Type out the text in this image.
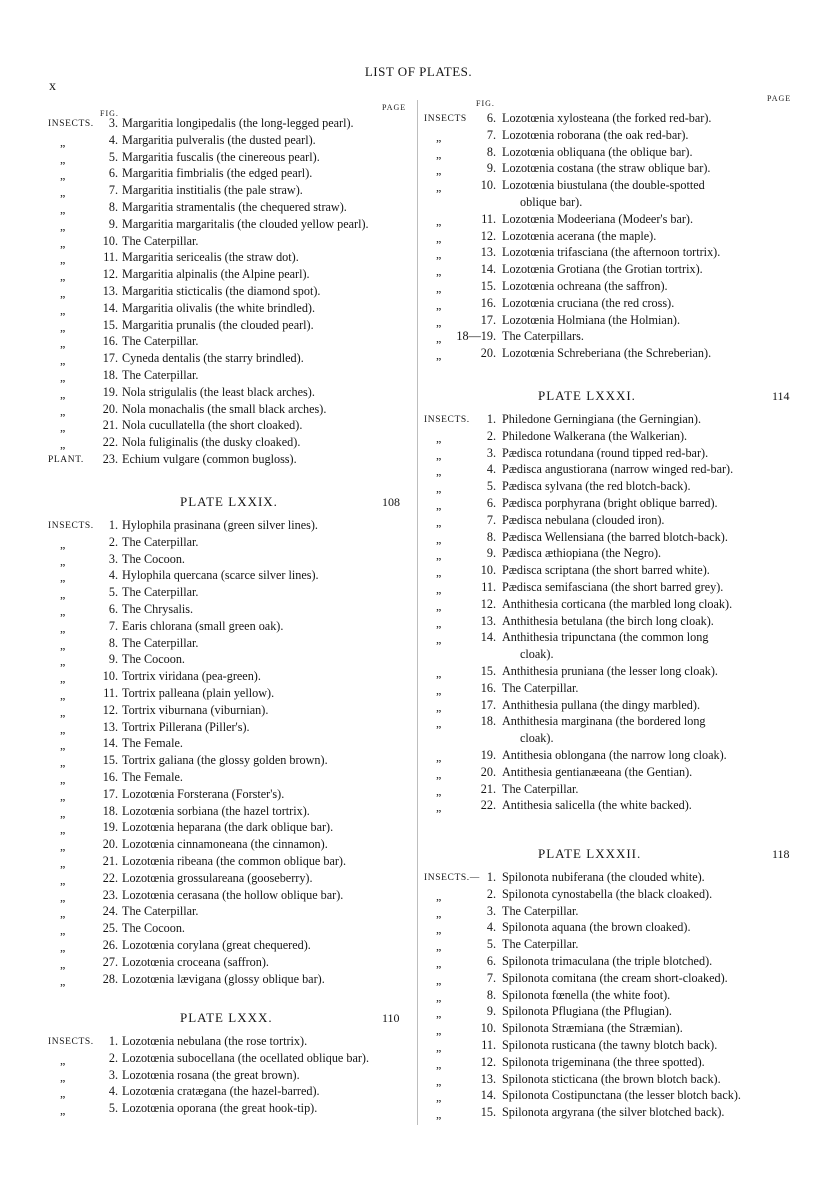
x
LIST OF PLATES.
FIG.
PAGE
INSECTS.	3. Margaritia longipedalis (the long-legged pearl).
„	4. Margaritia pulveralis (the dusted pearl).
„	5. Margaritia fuscalis (the cinereous pearl).
„	6. Margaritia fimbrialis (the edged pearl).
„	7. Margaritia institialis (the pale straw).
„	8. Margaritia stramentalis (the chequered straw).
„	9. Margaritia margaritalis (the clouded yellow pearl).
„	10. The Caterpillar.
„	11. Margaritia sericealis (the straw dot).
„	12. Margaritia alpinalis (the Alpine pearl).
„	13. Margaritia sticticalis (the diamond spot).
„	14. Margaritia olivalis (the white brindled).
„	15. Margaritia prunalis (the clouded pearl).
„	16. The Caterpillar.
„	17. Cyneda dentalis (the starry brindled).
„	18. The Caterpillar.
„	19. Nola strigulalis (the least black arches).
„	20. Nola monachalis (the small black arches).
„	21. Nola cucullatella (the short cloaked).
„	22. Nola fuliginalis (the dusky cloaked).
PLANT.	23. Echium vulgare (common bugloss).
PLATE LXXIX.	108
INSECTS.	1. Hylophila prasinana (green silver lines).
„	2. The Caterpillar.
„	3. The Cocoon.
„	4. Hylophila quercana (scarce silver lines).
„	5. The Caterpillar.
„	6. The Chrysalis.
„	7. Earis chlorana (small green oak).
„	8. The Caterpillar.
„	9. The Cocoon.
„	10. Tortrix viridana (pea-green).
„	11. Tortrix palleana (plain yellow).
„	12. Tortrix viburnana (viburnian).
„	13. Tortrix Pillerana (Piller's).
„	14. The Female.
„	15. Tortrix galiana (the glossy golden brown).
„	16. The Female.
„	17. Lozotœnia Forsterana (Forster's).
„	18. Lozotœnia sorbiana (the hazel tortrix).
„	19. Lozotœnia heparana (the dark oblique bar).
„	20. Lozotœnia cinnamoneana (the cinnamon).
„	21. Lozotœnia ribeana (the common oblique bar).
„	22. Lozotœnia grossulareana (gooseberry).
„	23. Lozotœnia cerasana (the hollow oblique bar).
„	24. The Caterpillar.
„	25. The Cocoon.
„	26. Lozotœnia corylana (great chequered).
„	27. Lozotœnia croceana (saffron).
„	28. Lozotœnia lævigana (glossy oblique bar).
PLATE LXXX.	110
INSECTS.	1. Lozotœnia nebulana (the rose tortrix).
„	2. Lozotœnia subocellana (the ocellated oblique bar).
„	3. Lozotœnia rosana (the great brown).
„	4. Lozotœnia cratægana (the hazel-barred).
„	5. Lozotœnia oporana (the great hook-tip).
FIG.
PAGE
INSECTS	6. Lozotœnia xylosteana (the forked red-bar).
„	7. Lozotœnia roborana (the oak red-bar).
„	8. Lozotœnia obliquana (the oblique bar).
„	9. Lozotœnia costana (the straw oblique bar).
„	10. Lozotœnia biustulana (the double-spotted
oblique bar).
„	11. Lozotœnia Modeeriana (Modeer's bar).
„	12. Lozotœnia acerana (the maple).
„	13. Lozotœnia trifasciana (the afternoon tortrix).
„	14. Lozotœnia Grotiana (the Grotian tortrix).
„	15. Lozotœnia ochreana (the saffron).
„	16. Lozotœnia cruciana (the red cross).
„	17. Lozotœnia Holmiana (the Holmian).
„ 18—19. The Caterpillars.
„	20. Lozotœnia Schreberiana (the Schreberian).
PLATE LXXXI.	114
INSECTS.	1. Philedone Gerningiana (the Gerningian).
„	2. Philedone Walkerana (the Walkerian).
„	3. Pædisca rotundana (round tipped red-bar).
„	4. Pædisca angustiorana (narrow winged red-bar).
„	5. Pædisca sylvana (the red blotch-back).
„	6. Pædisca porphyrana (bright oblique barred).
„	7. Pædisca nebulana (clouded iron).
„	8. Pædisca Wellensiana (the barred blotch-back).
„	9. Pædisca æthiopiana (the Negro).
„	10. Pædisca scriptana (the short barred white).
„	11. Pædisca semifasciana (the short barred grey).
„	12. Anthithesia corticana (the marbled long cloak).
„	13. Anthithesia betulana (the birch long cloak).
„	14. Anthithesia tripunctana (the common long
cloak).
„	15. Anthithesia pruniana (the lesser long cloak).
„	16. The Caterpillar.
„	17. Anthithesia pullana (the dingy marbled).
„	18. Anthithesia marginana (the bordered long
cloak).
„	19. Antithesia oblongana (the narrow long cloak).
„	20. Antithesia gentianæeana (the Gentian).
„	21. The Caterpillar.
„	22. Antithesia salicella (the white backed).
PLATE LXXXII.	118
INSECTS.— 1. Spilonota nubiferana (the clouded white).
„	2. Spilonota cynostabella (the black cloaked).
„	3. The Caterpillar.
„	4. Spilonota aquana (the brown cloaked).
„	5. The Caterpillar.
„	6. Spilonota trimaculana (the triple blotched).
„	7. Spilonota comitana (the cream short-cloaked).
„	8. Spilonota fœnella (the white foot).
„	9. Spilonota Pflugiana (the Pflugian).
„	10. Spilonota Stræmiana (the Stræmian).
„	11. Spilonota rusticana (the tawny blotch back).
„	12. Spilonota trigeminana (the three spotted).
„	13. Spilonota sticticana (the brown blotch back).
„	14. Spilonota Costipunctana (the lesser blotch back).
„	15. Spilonota argyrana (the silver blotched back).
